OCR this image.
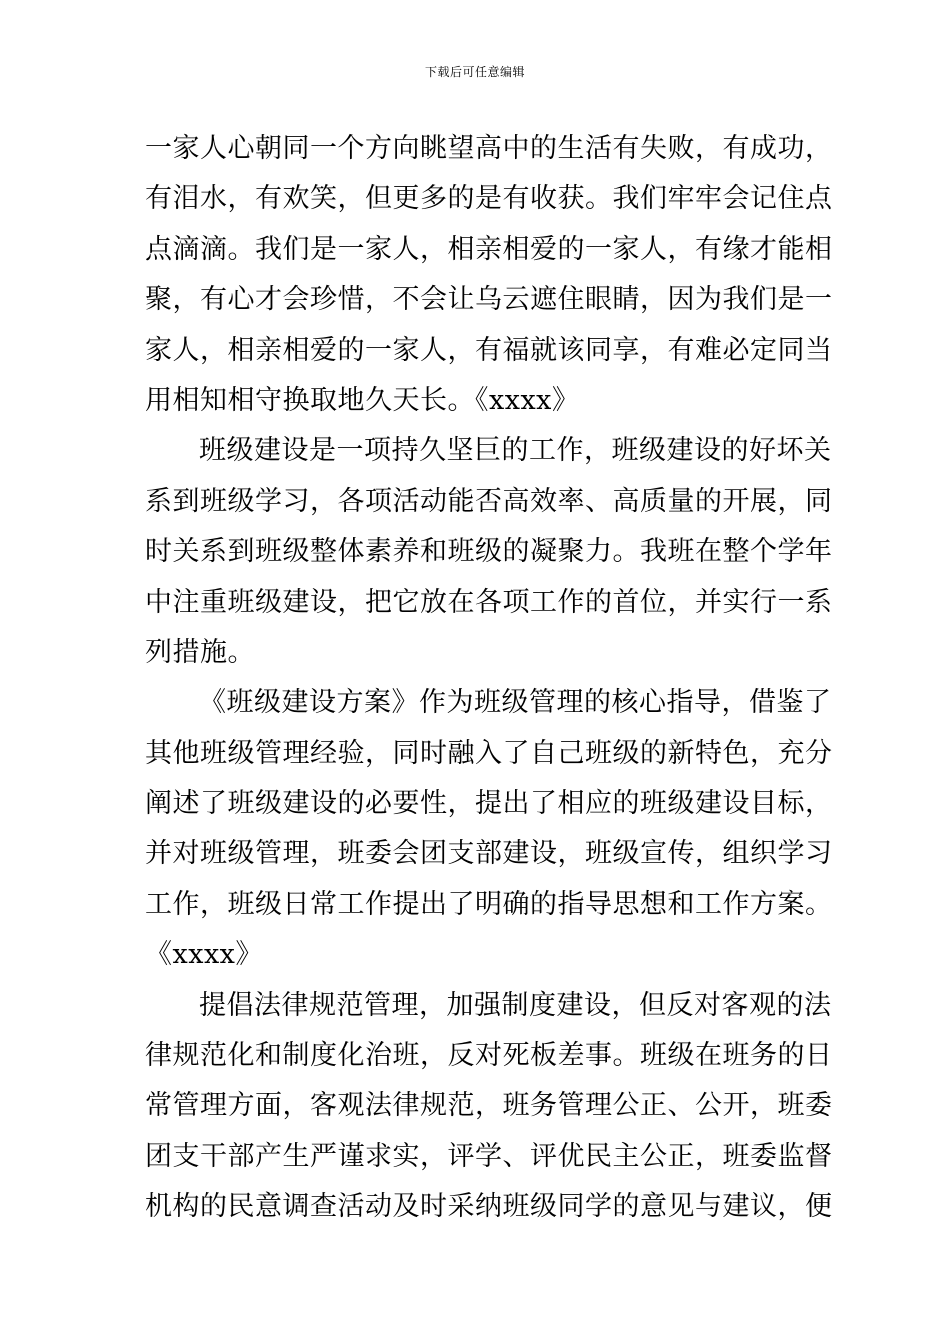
下载后可任意编辑
一家人心朝同一个方向眺望高中的生活有失败，有成功，
有泪水，有欢笑，但更多的是有收获。我们牢牢会记住点
点滴滴。我们是一家人，相亲相爱的一家人，有缘才能相
聚，有心才会珍惜，不会让乌云遮住眼睛，因为我们是一
家人，相亲相爱的一家人，有福就该同享，有难必定同当
用相知相守换取地久天长。《xxxx》
班级建设是一项持久坚巨的工作，班级建设的好坏关
系到班级学习，各项活动能否高效率、高质量的开展，同
时关系到班级整体素养和班级的凝聚力。我班在整个学年
中注重班级建设，把它放在各项工作的首位，并实行一系
列措施。
《班级建设方案》作为班级管理的核心指导，借鉴了
其他班级管理经验，同时融入了自己班级的新特色，充分
阐述了班级建设的必要性，提出了相应的班级建设目标，
并对班级管理，班委会团支部建设，班级宣传，组织学习
工作，班级日常工作提出了明确的指导思想和工作方案。
《xxxx》
提倡法律规范管理，加强制度建设，但反对客观的法
律规范化和制度化治班，反对死板差事。班级在班务的日
常管理方面，客观法律规范，班务管理公正、公开，班委
团支干部产生严谨求实，评学、评优民主公正，班委监督
机构的民意调查活动及时采纳班级同学的意见与建议，便
